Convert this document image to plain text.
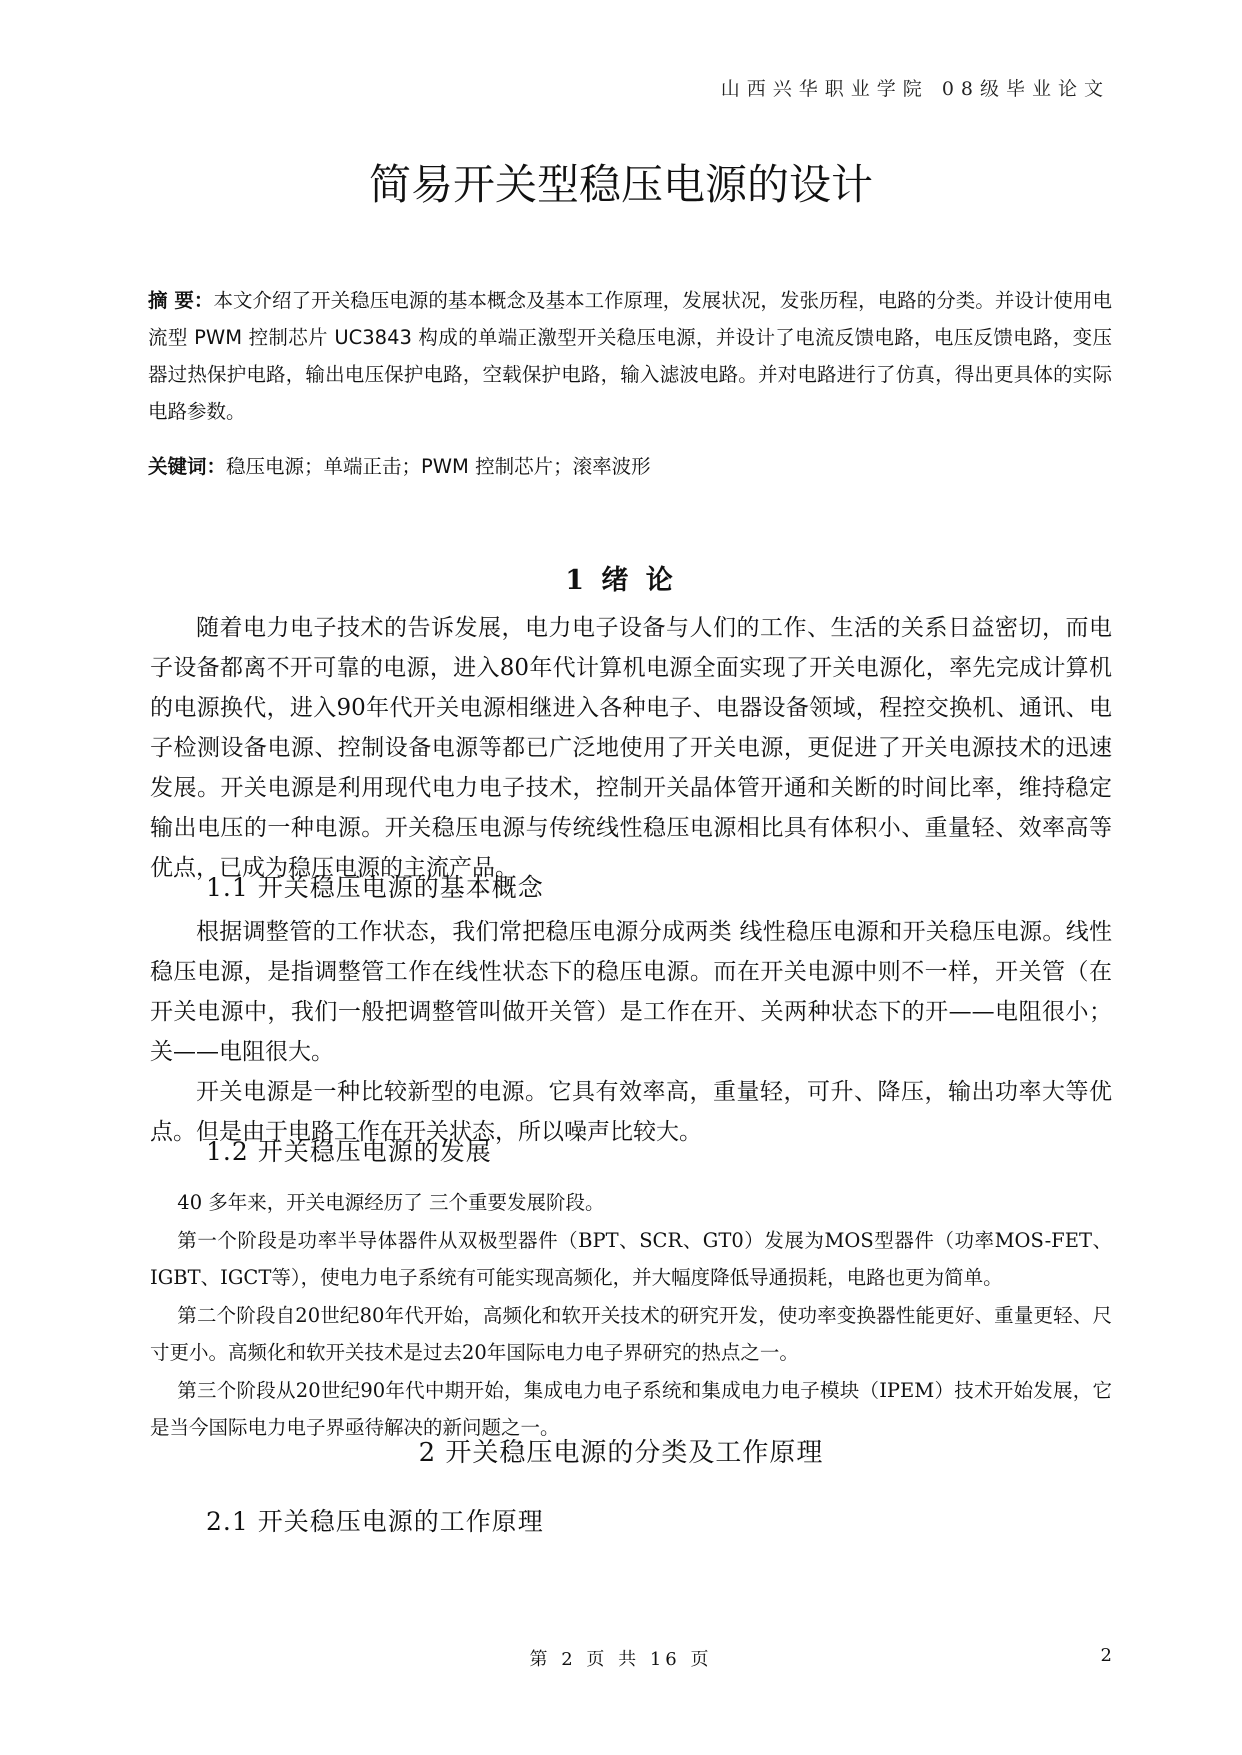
山西兴华职业学院 08级毕业论文
简易开关型稳压电源的设计
摘 要：本文介绍了开关稳压电源的基本概念及基本工作原理，发展状况，发张历程，电路的分类。并设计使用电流型 PWM 控制芯片 UC3843 构成的单端正激型开关稳压电源，并设计了电流反馈电路，电压反馈电路，变压器过热保护电路，输出电压保护电路，空载保护电路，输入滤波电路。并对电路进行了仿真，得出更具体的实际电路参数。
关键词：稳压电源；单端正击；PWM 控制芯片；滚率波形
1 绪 论

随着电力电子技术的告诉发展，电力电子设备与人们的工作、生活的关系日益密切，而电子设备都离不开可靠的电源，进入80年代计算机电源全面实现了开关电源化，率先完成计算机的电源换代，进入90年代开关电源相继进入各种电子、电器设备领域，程控交换机、通讯、电子检测设备电源、控制设备电源等都已广泛地使用了开关电源，更促进了开关电源技术的迅速发展。开关电源是利用现代电力电子技术，控制开关晶体管开通和关断的时间比率，维持稳定输出电压的一种电源。开关稳压电源与传统线性稳压电源相比具有体积小、重量轻、效率高等优点，已成为稳压电源的主流产品。

1.1 开关稳压电源的基本概念

根据调整管的工作状态，我们常把稳压电源分成两类 线性稳压电源和开关稳压电源。线性稳压电源，是指调整管工作在线性状态下的稳压电源。而在开关电源中则不一样，开关管（在开关电源中，我们一般把调整管叫做开关管）是工作在开、关两种状态下的开——电阻很小；关——电阻很大。

开关电源是一种比较新型的电源。它具有效率高，重量轻，可升、降压，输出功率大等优点。但是由于电路工作在开关状态，所以噪声比较大。

1.2 开关稳压电源的发展

40 多年来，开关电源经历了 三个重要发展阶段。

第一个阶段是功率半导体器件从双极型器件（BPT、SCR、GT0）发展为MOS型器件（功率MOS-FET、IGBT、IGCT等），使电力电子系统有可能实现高频化，并大幅度降低导通损耗，电路也更为简单。

第二个阶段自20世纪80年代开始，高频化和软开关技术的研究开发，使功率变换器性能更好、重量更轻、尺寸更小。高频化和软开关技术是过去20年国际电力电子界研究的热点之一。

第三个阶段从20世纪90年代中期开始，集成电力电子系统和集成电力电子模块（IPEM）技术开始发展，它是当今国际电力电子界亟待解决的新问题之一。

2 开关稳压电源的分类及工作原理
2.1 开关稳压电源的工作原理
第 2 页 共 16 页	2
